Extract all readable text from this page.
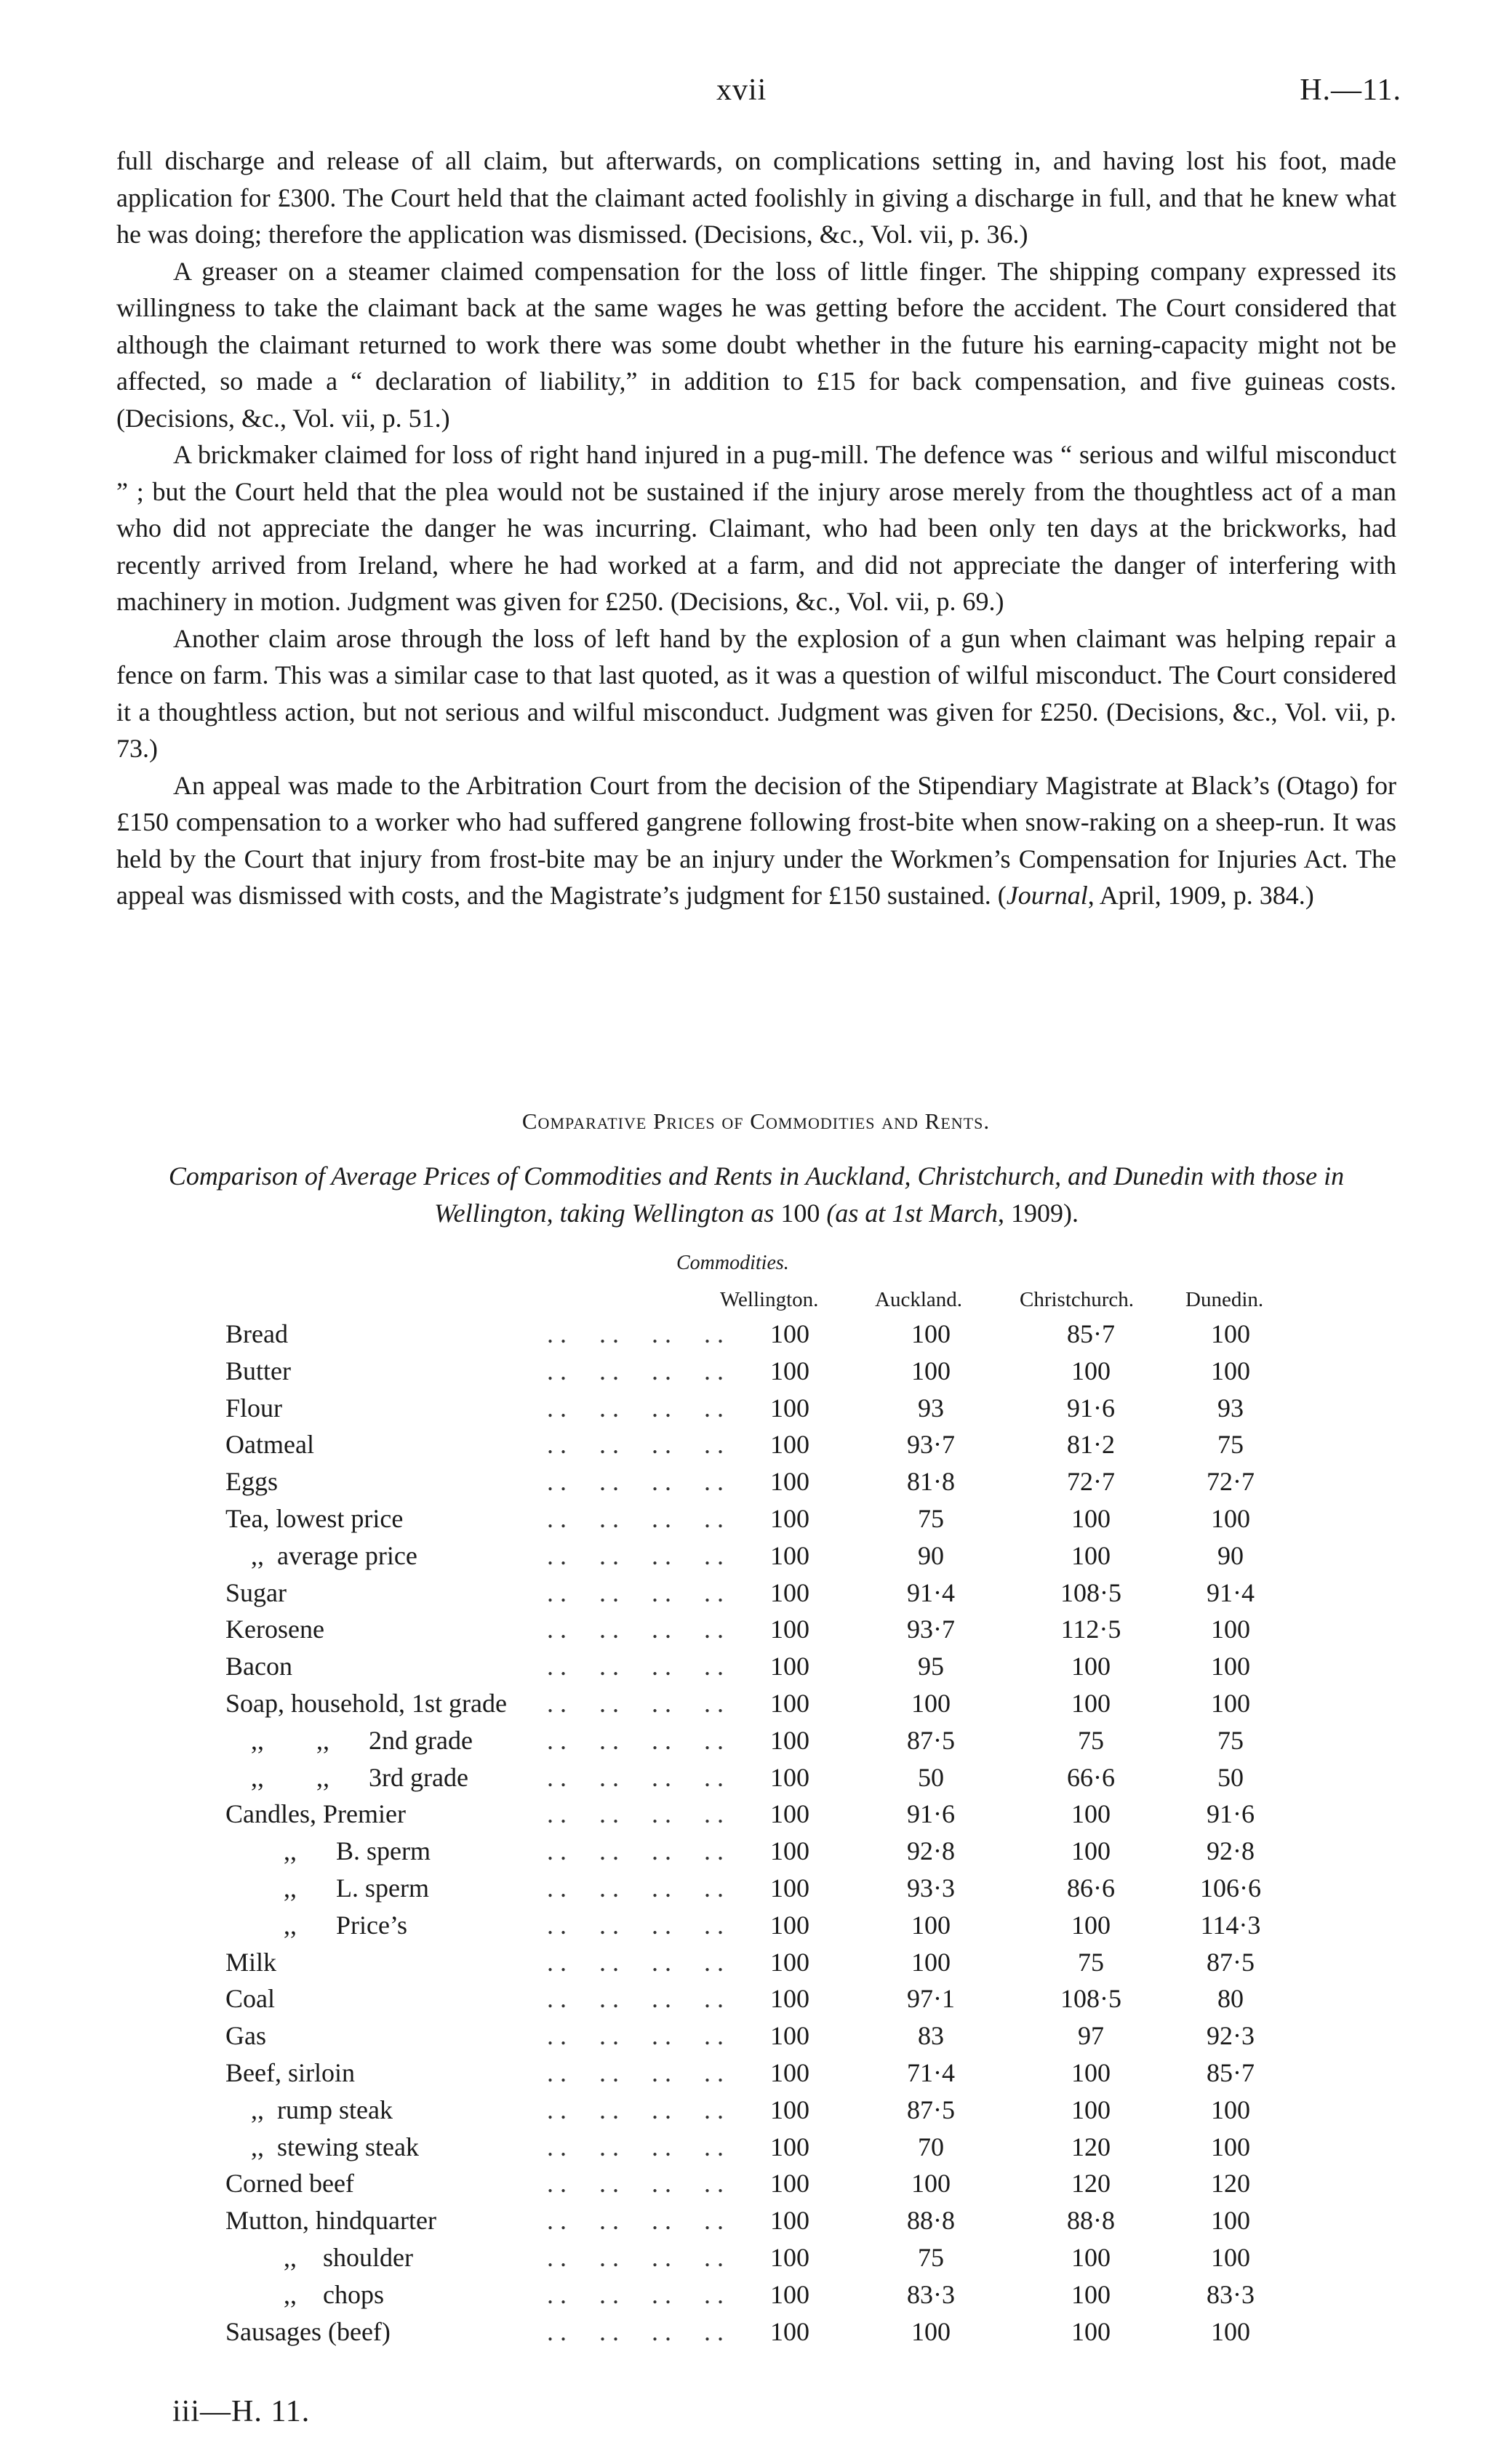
xvii	H.—11.

full discharge and release of all claim, but afterwards, on complications setting in, and having lost his foot, made application for £300. The Court held that the claimant acted foolishly in giving a discharge in full, and that he knew what he was doing; therefore the application was dismissed. (Decisions, &c., Vol. vii, p. 36.)

A greaser on a steamer claimed compensation for the loss of little finger. The shipping company expressed its willingness to take the claimant back at the same wages he was getting before the accident. The Court considered that although the claimant returned to work there was some doubt whether in the future his earning-capacity might not be affected, so made a “ declaration of liability,” in addition to £15 for back compensation, and five guineas costs. (Decisions, &c., Vol. vii, p. 51.)

A brickmaker claimed for loss of right hand injured in a pug-mill. The defence was “ serious and wilful misconduct ” ; but the Court held that the plea would not be sustained if the injury arose merely from the thoughtless act of a man who did not appreciate the danger he was incurring. Claimant, who had been only ten days at the brickworks, had recently arrived from Ireland, where he had worked at a farm, and did not appreciate the danger of interfering with machinery in motion. Judgment was given for £250. (Decisions, &c., Vol. vii, p. 69.)

Another claim arose through the loss of left hand by the explosion of a gun when claimant was helping repair a fence on farm. This was a similar case to that last quoted, as it was a question of wilful misconduct. The Court considered it a thoughtless action, but not serious and wilful misconduct. Judgment was given for £250. (Decisions, &c., Vol. vii, p. 73.)

An appeal was made to the Arbitration Court from the decision of the Stipendiary Magistrate at Black’s (Otago) for £150 compensation to a worker who had suffered gangrene following frost-bite when snow-raking on a sheep-run. It was held by the Court that injury from frost-bite may be an injury under the Workmen’s Compensation for Injuries Act. The appeal was dismissed with costs, and the Magistrate’s judgment for £150 sustained. (Journal, April, 1909, p. 384.)

Comparative Prices of Commodities and Rents.
Comparison of Average Prices of Commodities and Rents in Auckland, Christchurch, and Dunedin with those in Wellington, taking Wellington as 100 (as at 1st March, 1909).
Commodities.
Wellington.	Auckland.	Christchurch. Dunedin.
Bread	. .     . .     . .     . .	100	100	85·7	100
Butter	. .     . .     . .     . .	100	100	100	100
Flour	. .     . .     . .     . .	100	93	91·6	93
Oatmeal	. .     . .     . .     . .	100	93·7	81·2	75
Eggs	. .     . .     . .     . .	100	81·8	72·7	72·7
Tea, lowest price	. .     . .     . .     . .	100	75	100	100
,,  average price	. .     . .     . .     . .	100	90	100	90
Sugar	. .     . .     . .     . .	100	91·4	108·5	91·4
Kerosene	. .     . .     . .     . .	100	93·7	112·5	100
Bacon	. .     . .     . .     . .	100	95	100	100
Soap, household, 1st grade	. .     . .     . .     . .	100	100	100	100
,,        ,,      2nd grade	. .     . .     . .     . .	100	87·5	75	75
,,        ,,      3rd grade	. .     . .     . .     . .	100	50	66·6	50
Candles, Premier	. .     . .     . .     . .	100	91·6	100	91·6
,,      B. sperm	. .     . .     . .     . .	100	92·8	100	92·8
,,      L. sperm	. .     . .     . .     . .	100	93·3	86·6	106·6
,,      Price’s	. .     . .     . .     . .	100	100	100	114·3
Milk	. .     . .     . .     . .	100	100	75	87·5
Coal	. .     . .     . .     . .	100	97·1	108·5	80
Gas	. .     . .     . .     . .	100	83	97	92·3
Beef, sirloin	. .     . .     . .     . .	100	71·4	100	85·7
,,  rump steak	. .     . .     . .     . .	100	87·5	100	100
,,  stewing steak	. .     . .     . .     . .	100	70	120	100
Corned beef	. .     . .     . .     . .	100	100	120	120
Mutton, hindquarter	. .     . .     . .     . .	100	88·8	88·8	100
,,    shoulder	. .     . .     . .     . .	100	75	100	100
,,    chops	. .     . .     . .     . .	100	83·3	100	83·3
Sausages (beef)	. .     . .     . .     . .	100	100	100	100
iii—H. 11.
